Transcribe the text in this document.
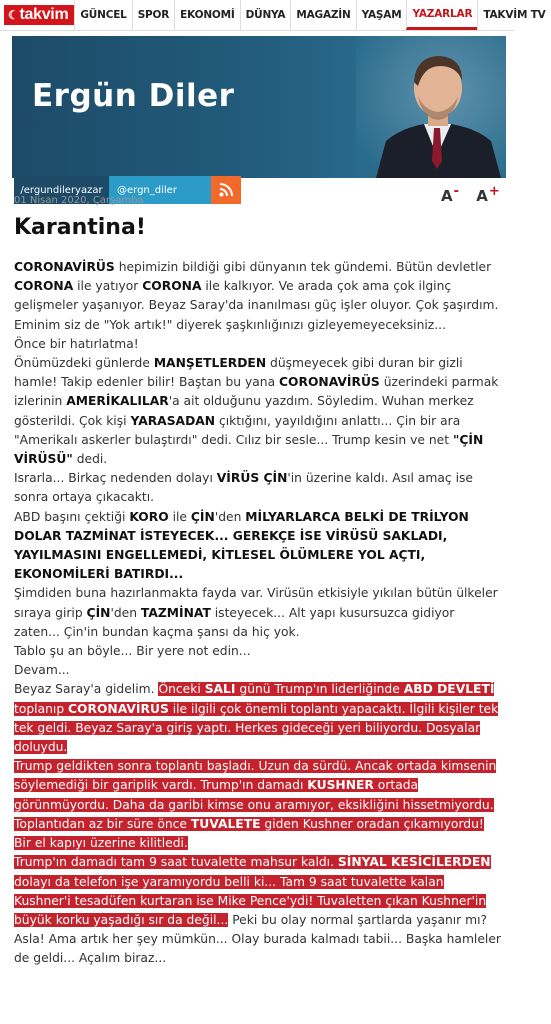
☾takvim	GÜNCEL	SPOR	EKONOMİ	DÜNYA	MAGAZİN	YAŞAM	YAZARLAR	TAKVİM TV
Ergün Diler
/ergundileryazar	@ergn_diler
01 Nisan 2020, Çarşamba	A - A +
Karantina!

CORONAVİRÜS hepimizin bildiği gibi dünyanın tek gündemi. Bütün devletler CORONA ile yatıyor CORONA ile kalkıyor. Ve arada çok ama çok ilginç gelişmeler yaşanıyor. Beyaz Saray'da inanılması güç işler oluyor. Çok şaşırdım. Eminim siz de "Yok artık!" diyerek şaşkınlığınızı gizleyemeyeceksiniz...

Önce bir hatırlatma!

Önümüzdeki günlerde MANŞETLERDEN düşmeyecek gibi duran bir gizli hamle! Takip edenler bilir! Baştan bu yana CORONAVİRÜS üzerindeki parmak izlerinin AMERİKALILAR'a ait olduğunu yazdım. Söyledim. Wuhan merkez gösterildi. Çok kişi YARASADAN çıktığını, yayıldığını anlattı... Çin bir ara "Amerikalı askerler bulaştırdı" dedi. Cılız bir sesle... Trump kesin ve net "ÇİN VİRÜSÜ" dedi.

Israrla... Birkaç nedenden dolayı VİRÜS ÇİN'in üzerine kaldı. Asıl amaç ise sonra ortaya çıkacaktı.

ABD başını çektiği KORO ile ÇİN'den MİLYARLARCA BELKİ DE TRİLYON DOLAR TAZMİNAT İSTEYECEK... GEREKÇE İSE VİRÜSÜ SAKLADI, YAYILMASINI ENGELLEMEDİ, KİTLESEL ÖLÜMLERE YOL AÇTI, EKONOMİLERİ BATIRDI...

Şimdiden buna hazırlanmakta fayda var. Virüsün etkisiyle yıkılan bütün ülkeler sıraya girip ÇİN'den TAZMİNAT isteyecek... Alt yapı kusursuzca gidiyor zaten... Çin'in bundan kaçma şansı da hiç yok.

Tablo şu an böyle... Bir yere not edin...

Devam...

Beyaz Saray'a gidelim. Önceki SALI günü Trump'ın liderliğinde ABD DEVLETİ toplanıp CORONAVİRÜS ile ilgili çok önemli toplantı yapacaktı. İlgili kişiler tek tek geldi. Beyaz Saray'a giriş yaptı. Herkes gideceği yeri biliyordu. Dosyalar doluydu.

Trump geldikten sonra toplantı başladı. Uzun da sürdü. Ancak ortada kimsenin söylemediği bir gariplik vardı. Trump'ın damadı KUSHNER ortada görünmüyordu. Daha da garibi kimse onu aramıyor, eksikliğini hissetmiyordu. Toplantıdan az bir süre önce TUVALETE giden Kushner oradan çıkamıyordu! Bir el kapıyı üzerine kilitledi.

Trump'ın damadı tam 9 saat tuvalette mahsur kaldı. SİNYAL KESİCİLERDEN dolayı da telefon işe yaramıyordu belli ki... Tam 9 saat tuvalette kalan Kushner'i tesadüfen kurtaran ise Mike Pence'ydi! Tuvaletten çıkan Kushner'in büyük korku yaşadığı sır da değil... Peki bu olay normal şartlarda yaşanır mı? Asla! Ama artık her şey mümkün... Olay burada kalmadı tabii... Başka hamleler de geldi... Açalım biraz...
